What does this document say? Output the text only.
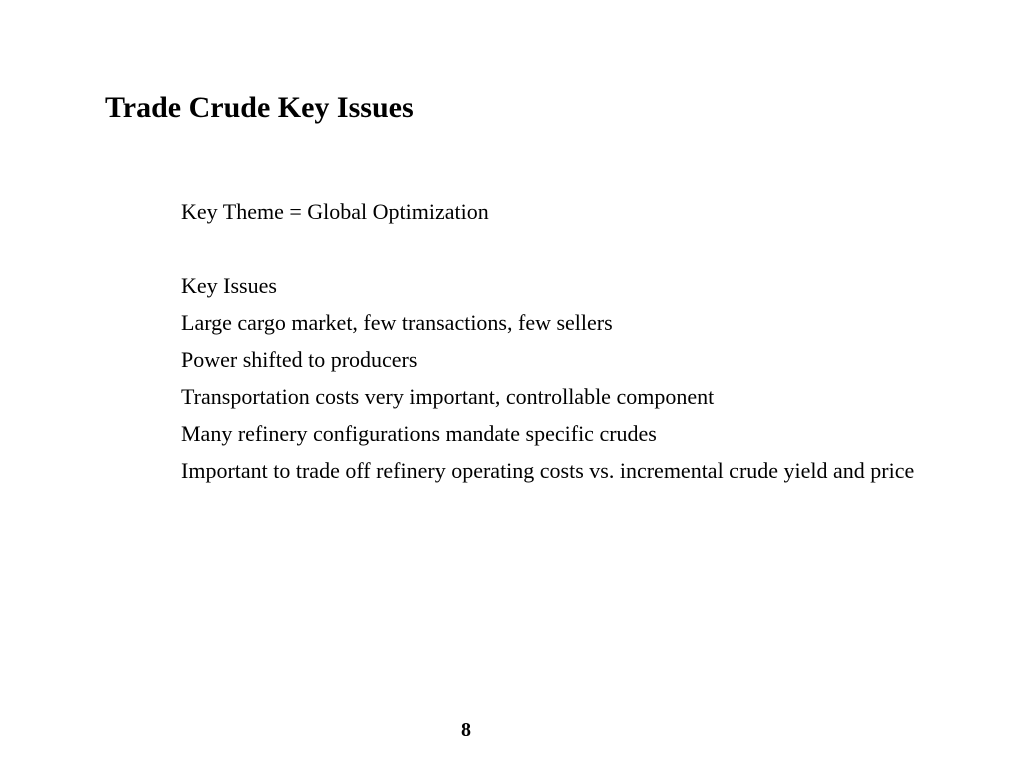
Trade Crude Key Issues

Key Theme = Global Optimization

Key Issues

Large cargo market, few transactions, few sellers

Power shifted to producers

Transportation costs very important, controllable component

Many refinery configurations mandate specific crudes

Important to trade off refinery operating costs vs. incremental crude yield and price

8
